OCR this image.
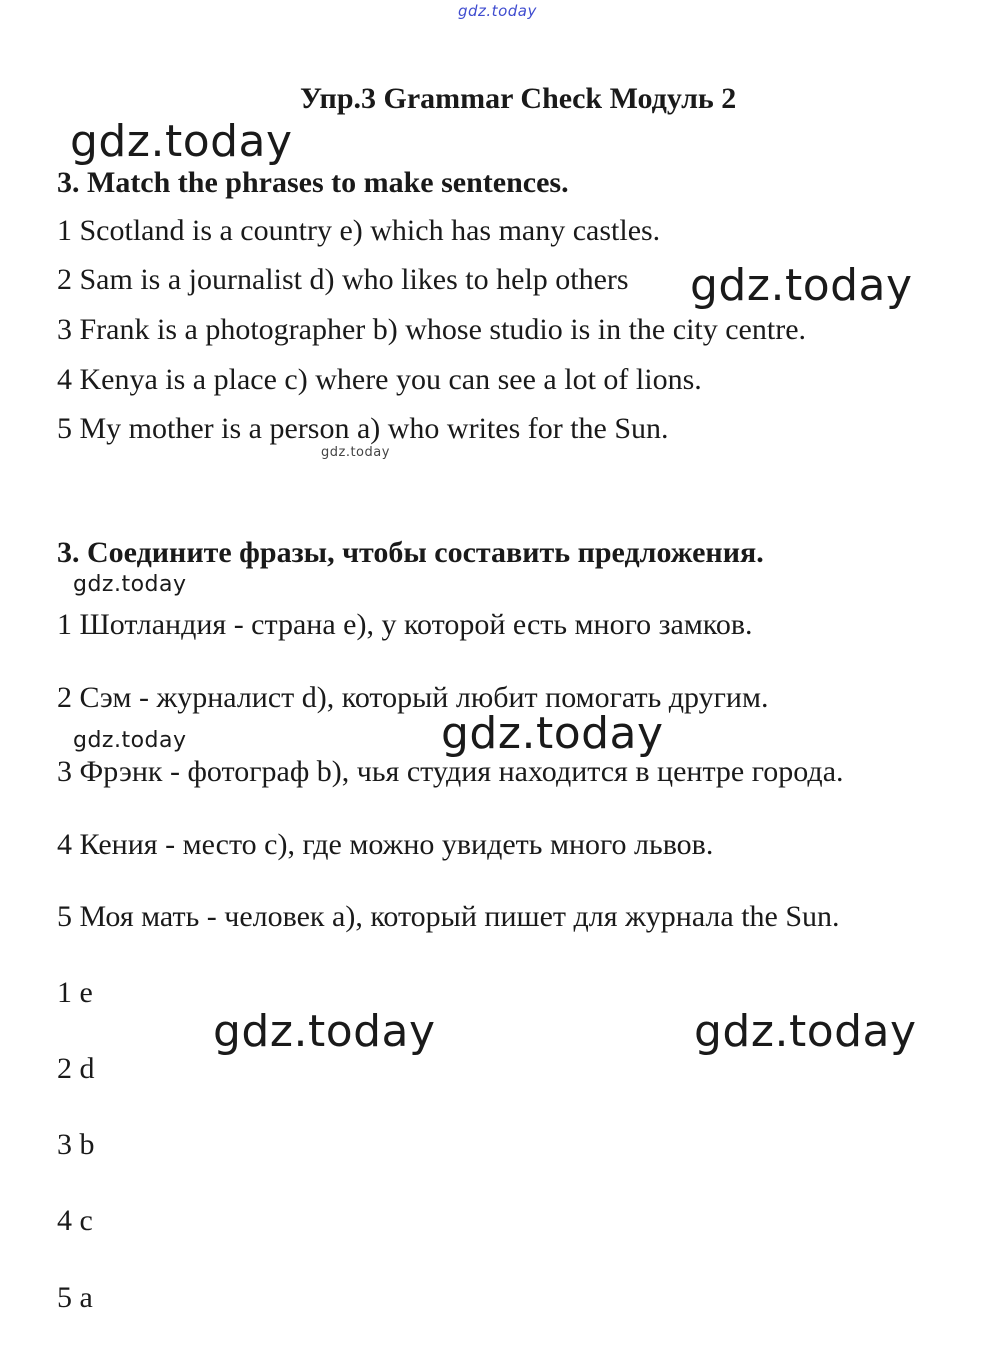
gdz.today
Упр.3 Grammar Check Модуль 2
gdz.today
3. Match the phrases to make sentences.
1 Scotland is a country e) which has many castles.
2 Sam is a journalist d) who likes to help others gdz.today
3 Frank is a photographer b) whose studio is in the city centre.
4 Kenya is a place c) where you can see a lot of lions.
5 My mother is a person a) who writes for the Sun.
gdz.today
3. Соедините фразы, чтобы составить предложения.
gdz.today
1 Шотландия - страна e), у которой есть много замков.
2 Сэм - журналист d), который любит помогать другим.
gdz.today	gdz.today
3 Фрэнк - фотограф b), чья студия находится в центре города.
4 Кения - место c), где можно увидеть много львов.
5 Моя мать - человек a), который пишет для журнала the Sun.
1 e
gdz.today	gdz.today
2 d
3 b
4 c
5 a
